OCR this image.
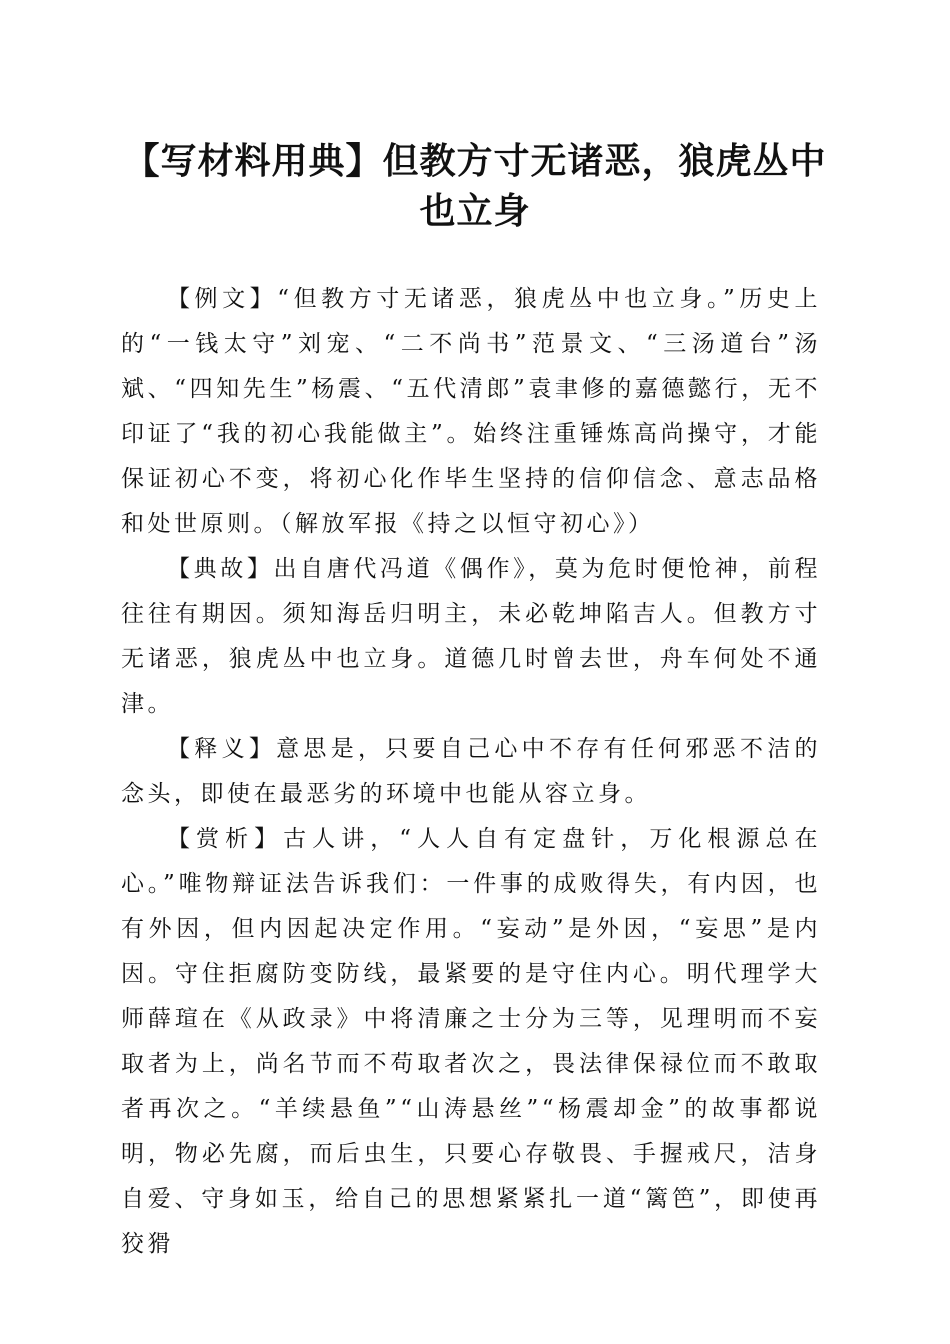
【写材料用典】但教方寸无诸恶，狼虎丛中也立身

【例文】“但教方寸无诸恶，狼虎丛中也立身。”历史上的“一钱太守”刘宠、“二不尚书”范景文、“三汤道台”汤斌、“四知先生”杨震、“五代清郎”袁聿修的嘉德懿行，无不印证了“我的初心我能做主”。始终注重锤炼高尚操守，才能保证初心不变，将初心化作毕生坚持的信仰信念、意志品格和处世原则。（解放军报《持之以恒守初心》）

【典故】出自唐代冯道《偶作》，莫为危时便怆神，前程往往有期因。须知海岳归明主，未必乾坤陷吉人。但教方寸无诸恶，狼虎丛中也立身。道德几时曾去世，舟车何处不通津。

【释义】意思是，只要自己心中不存有任何邪恶不洁的念头，即使在最恶劣的环境中也能从容立身。

【赏析】古人讲，“人人自有定盘针，万化根源总在心。”唯物辩证法告诉我们：一件事的成败得失，有内因，也有外因，但内因起决定作用。“妄动”是外因，“妄思”是内因。守住拒腐防变防线，最紧要的是守住内心。明代理学大师薛瑄在《从政录》中将清廉之士分为三等，见理明而不妄取者为上，尚名节而不苟取者次之，畏法律保禄位而不敢取者再次之。“羊续悬鱼”“山涛悬丝”“杨震却金”的故事都说明，物必先腐，而后虫生，只要心存敬畏、手握戒尺，洁身自爱、守身如玉，给自己的思想紧紧扎一道“篱笆”，即使再狡猾
